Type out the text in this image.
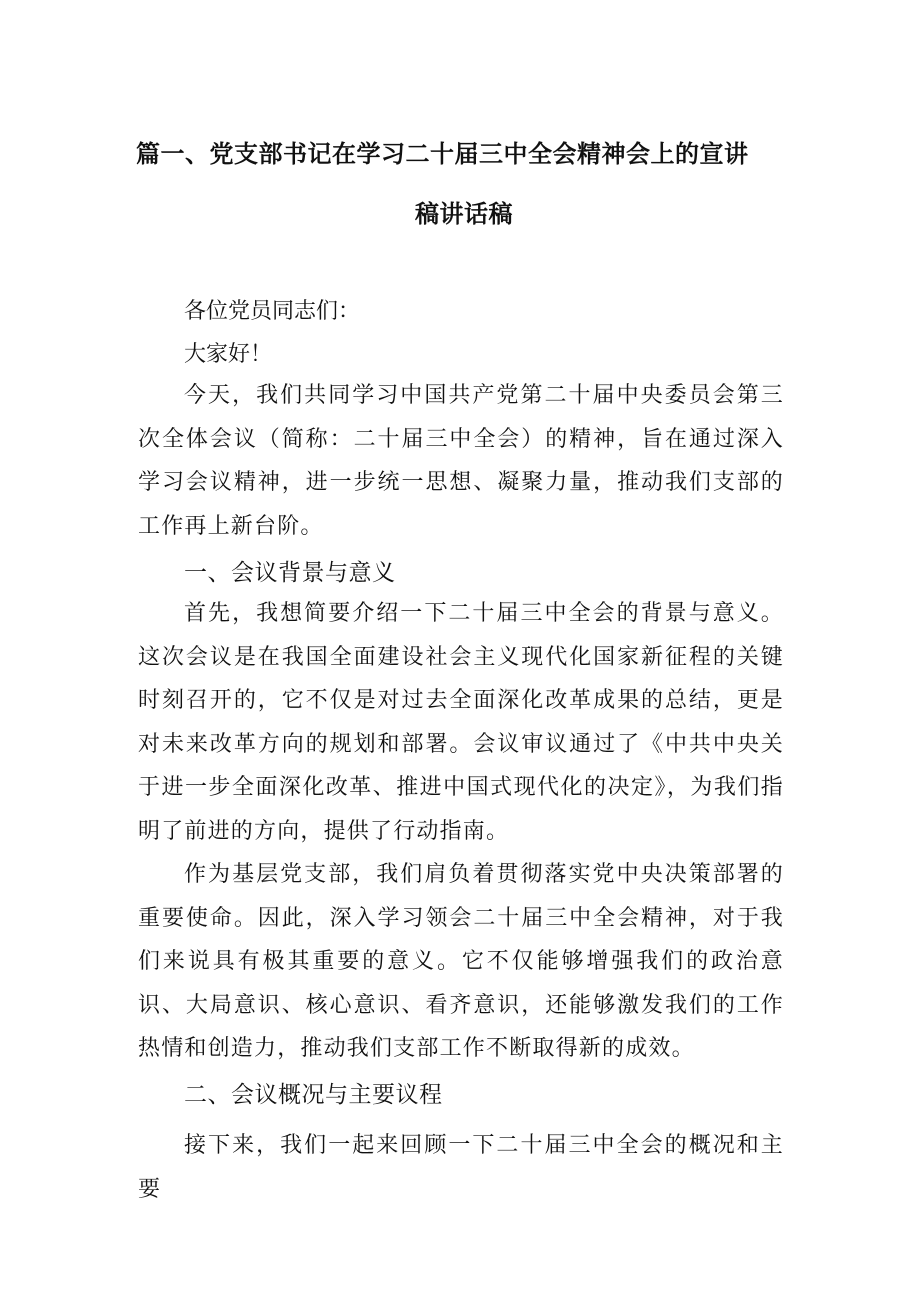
篇一、党支部书记在学习二十届三中全会精神会上的宣讲
稿讲话稿
各位党员同志们：
大家好！

今天，我们共同学习中国共产党第二十届中央委员会第三次全体会议（简称：二十届三中全会）的精神，旨在通过深入学习会议精神，进一步统一思想、凝聚力量，推动我们支部的工作再上新台阶。

一、会议背景与意义

首先，我想简要介绍一下二十届三中全会的背景与意义。这次会议是在我国全面建设社会主义现代化国家新征程的关键时刻召开的，它不仅是对过去全面深化改革成果的总结，更是对未来改革方向的规划和部署。会议审议通过了《中共中央关于进一步全面深化改革、推进中国式现代化的决定》，为我们指明了前进的方向，提供了行动指南。

作为基层党支部，我们肩负着贯彻落实党中央决策部署的重要使命。因此，深入学习领会二十届三中全会精神，对于我们来说具有极其重要的意义。它不仅能够增强我们的政治意识、大局意识、核心意识、看齐意识，还能够激发我们的工作热情和创造力，推动我们支部工作不断取得新的成效。

二、会议概况与主要议程

接下来，我们一起来回顾一下二十届三中全会的概况和主要
